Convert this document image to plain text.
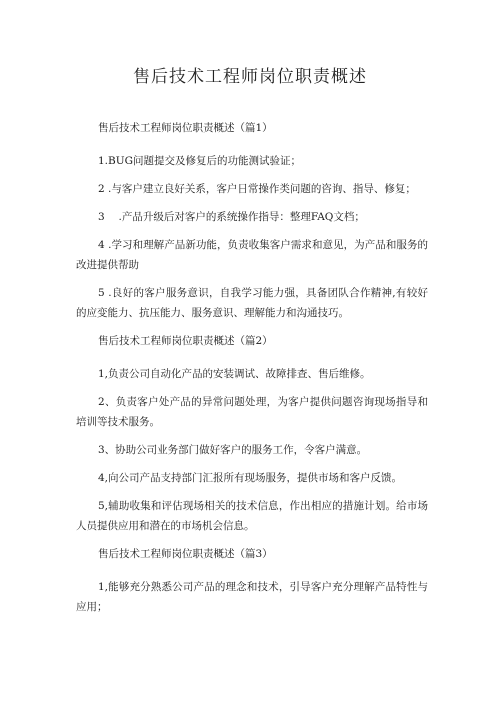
售后技术工程师岗位职责概述
售后技术工程师岗位职责概述（篇1）

1.BUG问题提交及修复后的功能测试验证；

2 .与客户建立良好关系，客户日常操作类问题的咨询、指导、修复；

3　 .产品升级后对客户的系统操作指导：整理FAQ文档；

4 .学习和理解产品新功能，负责收集客户需求和意见，为产品和服务的改进提供帮助

5 .良好的客户服务意识，自我学习能力强，具备团队合作精神,有较好的应变能力、抗压能力、服务意识、理解能力和沟通技巧。

售后技术工程师岗位职责概述（篇2）

1,负责公司自动化产品的安装调试、故障排查、售后维修。

2、负责客户处产品的异常问题处理，为客户提供问题咨询现场指导和培训等技术服务。

3、协助公司业务部门做好客户的服务工作，令客户满意。

4,向公司产品支持部门汇报所有现场服务，提供市场和客户反馈。

5,辅助收集和评估现场相关的技术信息，作出相应的措施计划。给市场人员提供应用和潜在的市场机会信息。

售后技术工程师岗位职责概述（篇3）

1,能够充分熟悉公司产品的理念和技术，引导客户充分理解产品特性与应用；
